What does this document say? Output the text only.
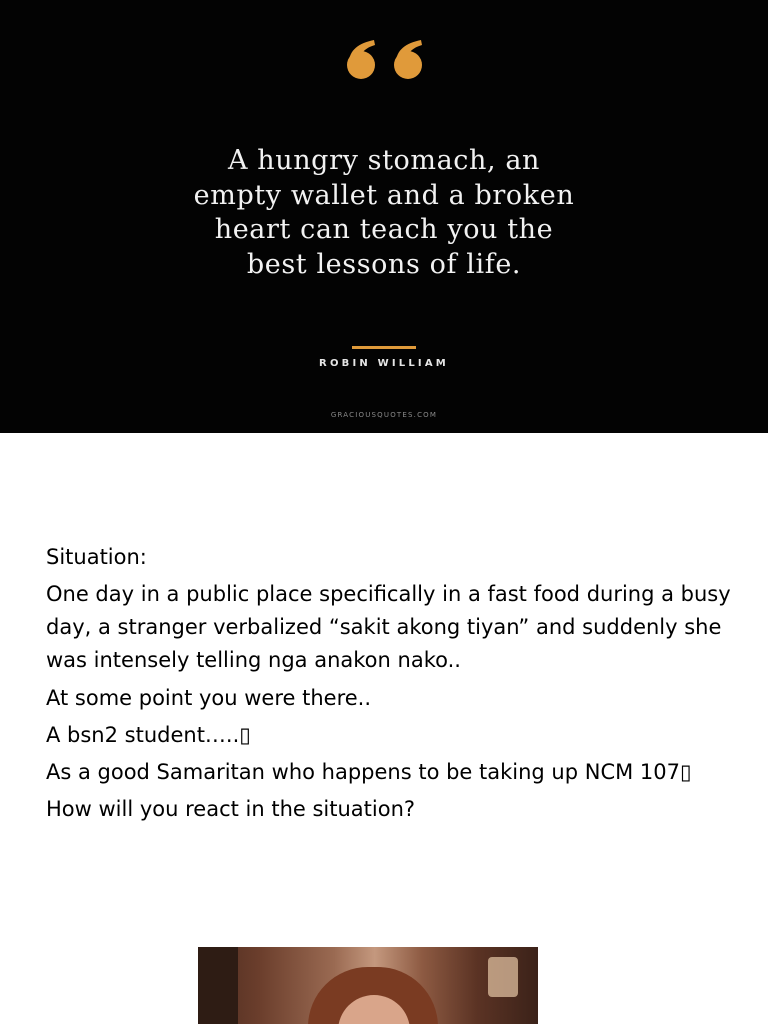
A hungry stomach, an
empty wallet and a broken
heart can teach you the
best lessons of life.

ROBIN WILLIAM

GRACIOUSQUOTES.COM

Situation:

One day in a public place specifically in a fast food during a busy day, a stranger verbalized “sakit akong tiyan” and suddenly she was intensely telling nga anakon nako..

At some point you were there..

A bsn2 student…..▯

As a good Samaritan who happens to be taking up NCM 107▯

How will you react in the situation?
